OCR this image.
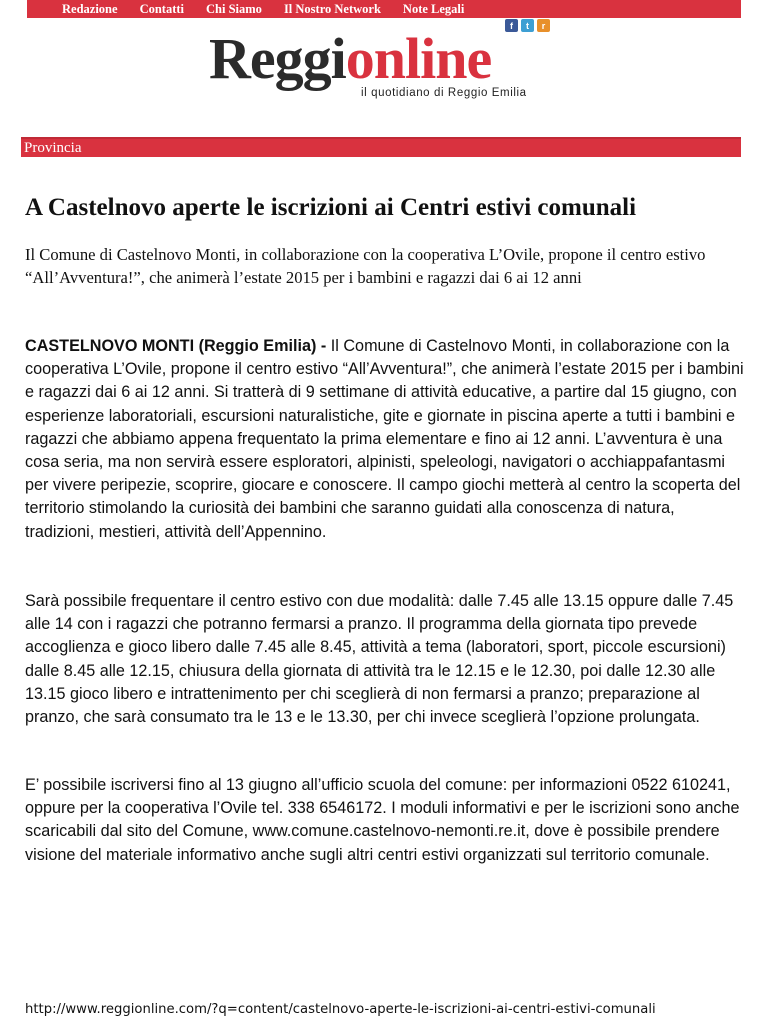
Redazione Contatti Chi Siamo Il Nostro Network Note Legali
f	t	r
Reggionline
il quotidiano di Reggio Emilia
Provincia
A Castelnovo aperte le iscrizioni ai Centri estivi comunali

Il Comune di Castelnovo Monti, in collaborazione con la cooperativa L’Ovile, propone il centro estivo “All’Avventura!”, che animerà l’estate 2015 per i bambini e ragazzi dai 6 ai 12 anni

CASTELNOVO MONTI (Reggio Emilia) - Il Comune di Castelnovo Monti, in collaborazione con la cooperativa L’Ovile, propone il centro estivo “All’Avventura!”, che animerà l’estate 2015 per i bambini e ragazzi dai 6 ai 12 anni. Si tratterà di 9 settimane di attività educative, a partire dal 15 giugno, con esperienze laboratoriali, escursioni naturalistiche, gite e giornate in piscina aperte a tutti i bambini e ragazzi che abbiamo appena frequentato la prima elementare e fino ai 12 anni. L’avventura è una cosa seria, ma non servirà essere esploratori, alpinisti, speleologi, navigatori o acchiappafantasmi per vivere peripezie, scoprire, giocare e conoscere. Il campo giochi metterà al centro la scoperta del territorio stimolando la curiosità dei bambini che saranno guidati alla conoscenza di natura, tradizioni, mestieri, attività dell’Appennino.

Sarà possibile frequentare il centro estivo con due modalità: dalle 7.45 alle 13.15 oppure dalle 7.45 alle 14 con i ragazzi che potranno fermarsi a pranzo. Il programma della giornata tipo prevede accoglienza e gioco libero dalle 7.45 alle 8.45, attività a tema (laboratori, sport, piccole escursioni) dalle 8.45 alle 12.15, chiusura della giornata di attività tra le 12.15 e le 12.30, poi dalle 12.30 alle 13.15 gioco libero e intrattenimento per chi sceglierà di non fermarsi a pranzo; preparazione al pranzo, che sarà consumato tra le 13 e le 13.30, per chi invece sceglierà l’opzione prolungata.

E’ possibile iscriversi fino al 13 giugno all’ufficio scuola del comune: per informazioni 0522 610241, oppure per la cooperativa l’Ovile tel. 338 6546172. I moduli informativi e per le iscrizioni sono anche scaricabili dal sito del Comune, www.comune.castelnovo-nemonti.re.it, dove è possibile prendere visione del materiale informativo anche sugli altri centri estivi organizzati sul territorio comunale.

http://www.reggionline.com/?q=content/castelnovo-aperte-le-iscrizioni-ai-centri-estivi-comunali
